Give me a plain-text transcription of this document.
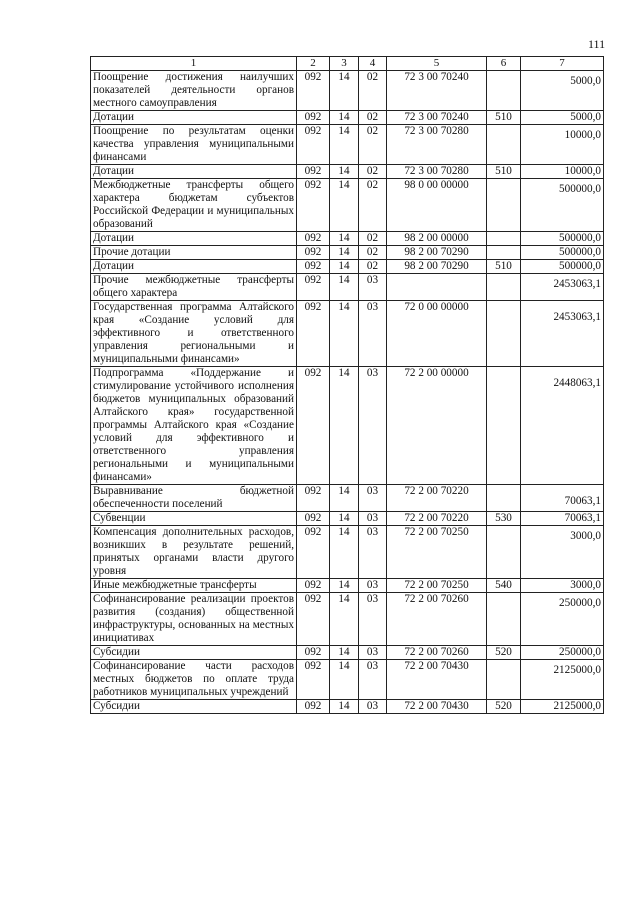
111
1	2	3	4	5	6	7
Поощрение достижения наилучших показателей деятельности органов местного самоуправления	092	14	02	72 3 00 70240		5000,0
Дотации	092	14	02	72 3 00 70240	510	5000,0
Поощрение по результатам оценки качества управления муниципальными финансами	092	14	02	72 3 00 70280		10000,0
Дотации	092	14	02	72 3 00 70280	510	10000,0
Межбюджетные трансферты общего характера бюджетам субъектов Российской Федерации и муниципальных образований	092	14	02	98 0 00 00000		500000,0
Дотации	092	14	02	98 2 00 00000		500000,0
Прочие дотации	092	14	02	98 2 00 70290		500000,0
Дотации	092	14	02	98 2 00 70290	510	500000,0
Прочие межбюджетные трансферты общего характера	092	14	03			2453063,1
Государственная программа Алтайского края «Создание условий для эффективного и ответственного управления региональными и муниципальными финансами»	092	14	03	72 0 00 00000		2453063,1
Подпрограмма «Поддержание и стимулирование устойчивого исполнения бюджетов муниципальных образований Алтайского края» государственной программы Алтайского края «Создание условий для эффективного и ответственного управления региональными и муниципальными финансами»	092	14	03	72 2 00 00000		2448063,1
Выравнивание бюджетной обеспеченности поселений	092	14	03	72 2 00 70220		70063,1
Субвенции	092	14	03	72 2 00 70220	530	70063,1
Компенсация дополнительных расходов, возникших в результате решений, принятых органами власти другого уровня	092	14	03	72 2 00 70250		3000,0
Иные межбюджетные трансферты	092	14	03	72 2 00 70250	540	3000,0
Софинансирование реализации проектов развития (создания) общественной инфраструктуры, основанных на местных инициативах	092	14	03	72 2 00 70260		250000,0
Субсидии	092	14	03	72 2 00 70260	520	250000,0
Софинансирование части расходов местных бюджетов по оплате труда работников муниципальных учреждений	092	14	03	72 2 00 70430		2125000,0
Субсидии	092	14	03	72 2 00 70430	520	2125000,0
